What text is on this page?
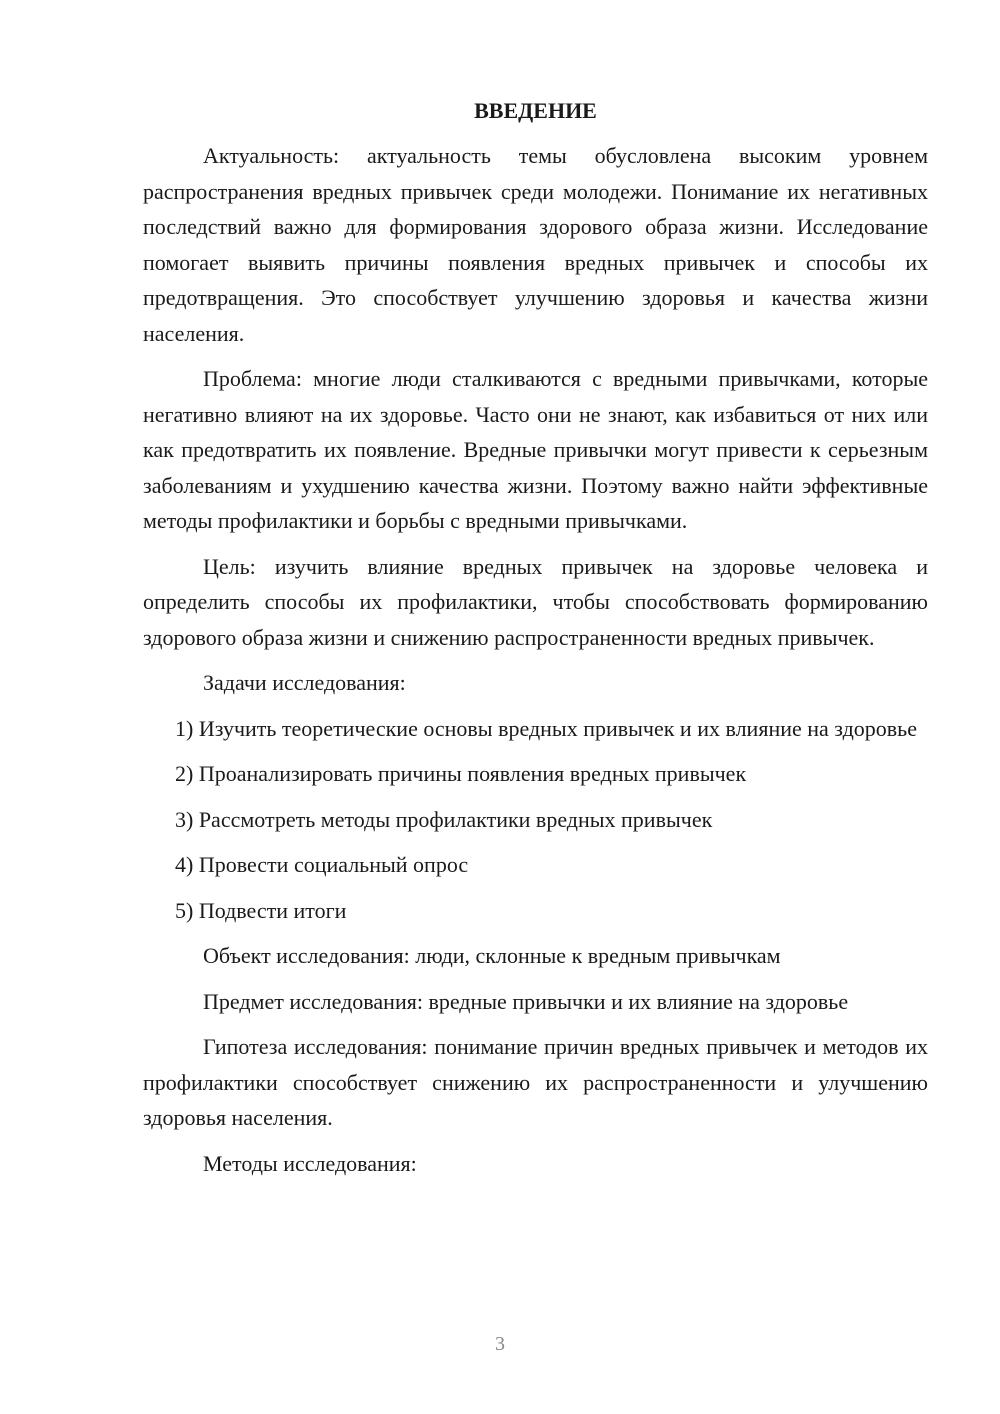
ВВЕДЕНИЕ

Актуальность: актуальность темы обусловлена высоким уровнем распространения вредных привычек среди молодежи. Понимание их негативных последствий важно для формирования здорового образа жизни. Исследование помогает выявить причины появления вредных привычек и способы их предотвращения. Это способствует улучшению здоровья и качества жизни населения.

Проблема: многие люди сталкиваются с вредными привычками, которые негативно влияют на их здоровье. Часто они не знают, как избавиться от них или как предотвратить их появление. Вредные привычки могут привести к серьезным заболеваниям и ухудшению качества жизни. Поэтому важно найти эффективные методы профилактики и борьбы с вредными привычками.

Цель: изучить влияние вредных привычек на здоровье человека и определить способы их профилактики, чтобы способствовать формированию здорового образа жизни и снижению распространенности вредных привычек.

Задачи исследования:

1) Изучить теоретические основы вредных привычек и их влияние на здоровье

2) Проанализировать причины появления вредных привычек

3) Рассмотреть методы профилактики вредных привычек

4) Провести социальный опрос

5) Подвести итоги

Объект исследования: люди, склонные к вредным привычкам

Предмет исследования: вредные привычки и их влияние на здоровье

Гипотеза исследования: понимание причин вредных привычек и методов их профилактики способствует снижению их распространенности и улучшению здоровья населения.

Методы исследования:

3
